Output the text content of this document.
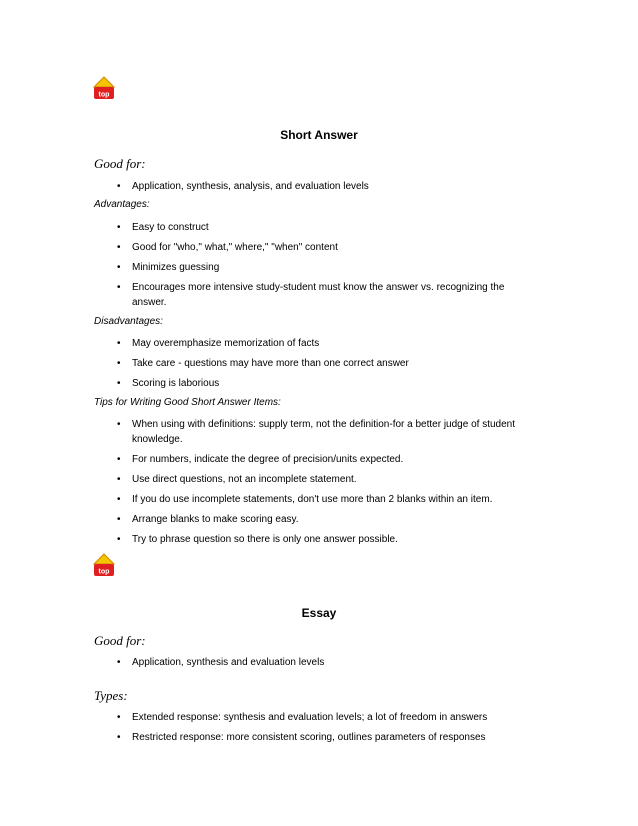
top
Short Answer
Good for:
• Application, synthesis, analysis, and evaluation levels
Advantages:
• Easy to construct
• Good for "who," what," where," "when" content
• Minimizes guessing
• Encourages more intensive study-student must know the answer vs. recognizing the answer.
Disadvantages:
• May overemphasize memorization of facts
• Take care - questions may have more than one correct answer
• Scoring is laborious
Tips for Writing Good Short Answer Items:
• When using with definitions: supply term, not the definition-for a better judge of student knowledge.
• For numbers, indicate the degree of precision/units expected.
• Use direct questions, not an incomplete statement.
• If you do use incomplete statements, don't use more than 2 blanks within an item.
• Arrange blanks to make scoring easy.
• Try to phrase question so there is only one answer possible.
top
Essay
Good for:
• Application, synthesis and evaluation levels
Types:
• Extended response: synthesis and evaluation levels; a lot of freedom in answers
• Restricted response: more consistent scoring, outlines parameters of responses
